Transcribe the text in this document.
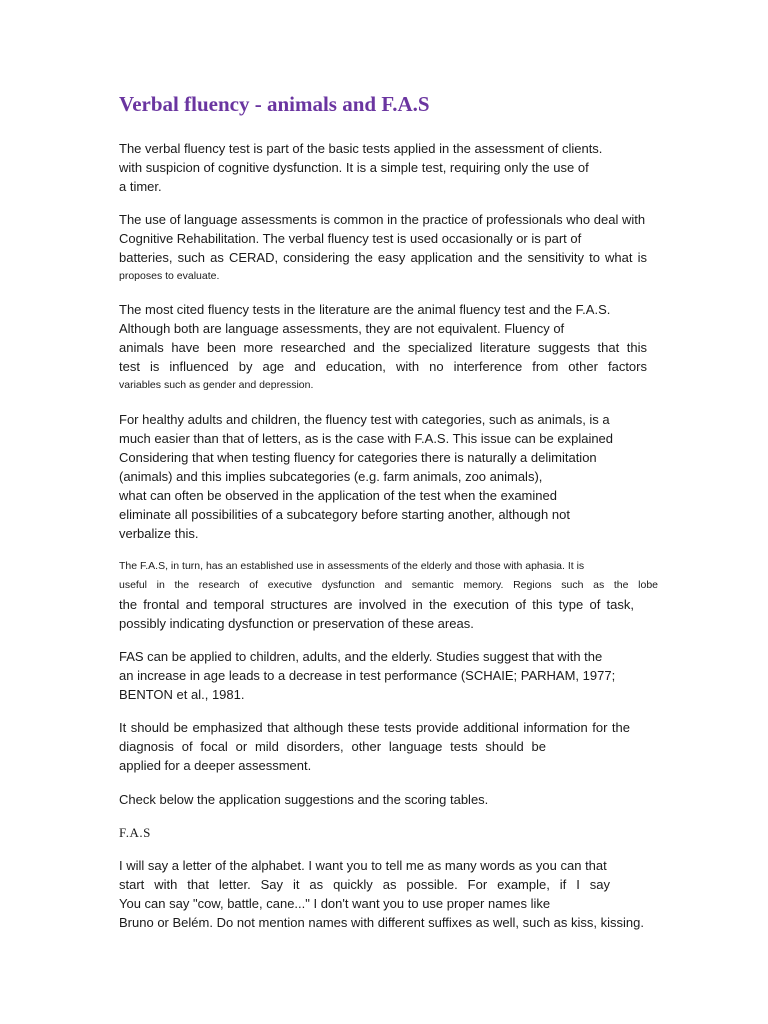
Verbal fluency - animals and F.A.S
The verbal fluency test is part of the basic tests applied in the assessment of clients.
with suspicion of cognitive dysfunction. It is a simple test, requiring only the use of
a timer.
The use of language assessments is common in the practice of professionals who deal with
Cognitive Rehabilitation. The verbal fluency test is used occasionally or is part of
batteries, such as CERAD, considering the easy application and the sensitivity to what is
proposes to evaluate.
The most cited fluency tests in the literature are the animal fluency test and the F.A.S.
Although both are language assessments, they are not equivalent. Fluency of
animals have been more researched and the specialized literature suggests that this
test is influenced by age and education, with no interference from other factors
variables such as gender and depression.
For healthy adults and children, the fluency test with categories, such as animals, is a
much easier than that of letters, as is the case with F.A.S. This issue can be explained
Considering that when testing fluency for categories there is naturally a delimitation
(animals) and this implies subcategories (e.g. farm animals, zoo animals),
what can often be observed in the application of the test when the examined
eliminate all possibilities of a subcategory before starting another, although not
verbalize this.
The F.A.S, in turn, has an established use in assessments of the elderly and those with aphasia. It is
useful in the research of executive dysfunction and semantic memory. Regions such as the lobe
the frontal and temporal structures are involved in the execution of this type of task,
possibly indicating dysfunction or preservation of these areas.
FAS can be applied to children, adults, and the elderly. Studies suggest that with the
an increase in age leads to a decrease in test performance (SCHAIE; PARHAM, 1977;
BENTON et al., 1981.
It should be emphasized that although these tests provide additional information for the
diagnosis of focal or mild disorders, other language tests should be
applied for a deeper assessment.
Check below the application suggestions and the scoring tables.
F.A.S
I will say a letter of the alphabet. I want you to tell me as many words as you can that
start with that letter. Say it as quickly as possible. For example, if I say
You can say "cow, battle, cane..." I don't want you to use proper names like
Bruno or Belém. Do not mention names with different suffixes as well, such as kiss, kissing.
